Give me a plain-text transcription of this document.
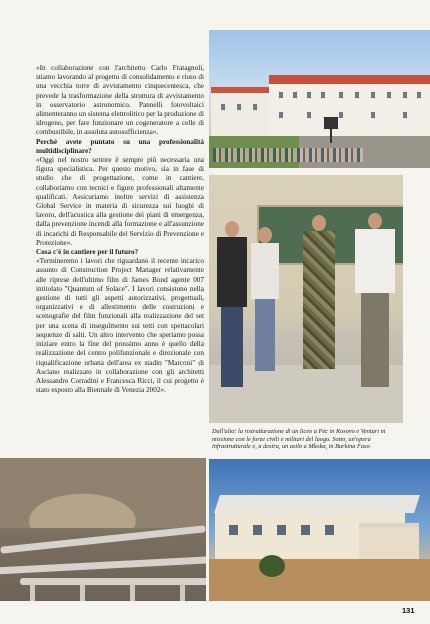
«In collaborazione con l'architetto Carlo Fratagnoli, stiamo lavorando al progetto di consolidamento e riuso di una vecchia torre di avvistamento cinquecentesca, che prevede la trasformazione della struttura di avvistamento in osservatorio astronomico. Pannelli fotovoltaici alimenteranno un sistema elettrolitico per la produzione di idrogeno, per fare funzionare un cogeneratore a celle di combustibile, in assoluta autosufficienza».

Perché avete puntato su una professionalità multidisciplinare?

«Oggi nel nostro settore è sempre più necessaria una figura specialistica. Per questo motivo, sia in fase di studio che di progettazione, come in cantiere, collaboriamo con tecnici e figure professionali altamente qualificati. Assicuriamo inoltre servizi di assistenza Global Service in materia di sicurezza sui luoghi di lavoro, dell'acustica alla gestione dei piani di emergenza, dalla prevenzione incendi alla formazione e all'assunzione di incarichi di Responsabile del Servizio di Prevenzione e Protezione».

Cosa c'è in cantiere per il futuro?

«Termineremo i lavori che riguardano il recente incarico assunto di Construction Project Manager relativamente alle riprese dell'ultimo film di James Bond agente 007 intitolato "Quantum of Solace". I lavori consistono nella gestione di tutti gli aspetti autorizzativi, progettuali, organizzativi e di allestimento delle costruzioni e scenografie del film funzionali alla realizzazione del set per una scena di inseguimento sui tetti con spettacolari sequenze di salti. Un altro intervento che speriamo possa iniziare entro la fine del prossimo anno è quello della realizzazione del centro polifunzionale e direzionale con riqualificazione urbana dell'area ex stadio "Marconi" di Asciano realizzato in collaborazione con gli architetti Alessandro Corradini e Francesca Ricci, il cui progetto è stato esposto alla Biennale di Venezia 2002».

Dall'alto: la ristrutturazione di un liceo a Pec in Kosovo e Venturi in missione con le forze civili e militari del luogo. Sotto, un'opera infrastrutturale e, a destra, un asilo a Mkoka, in Burkina Faso
131
